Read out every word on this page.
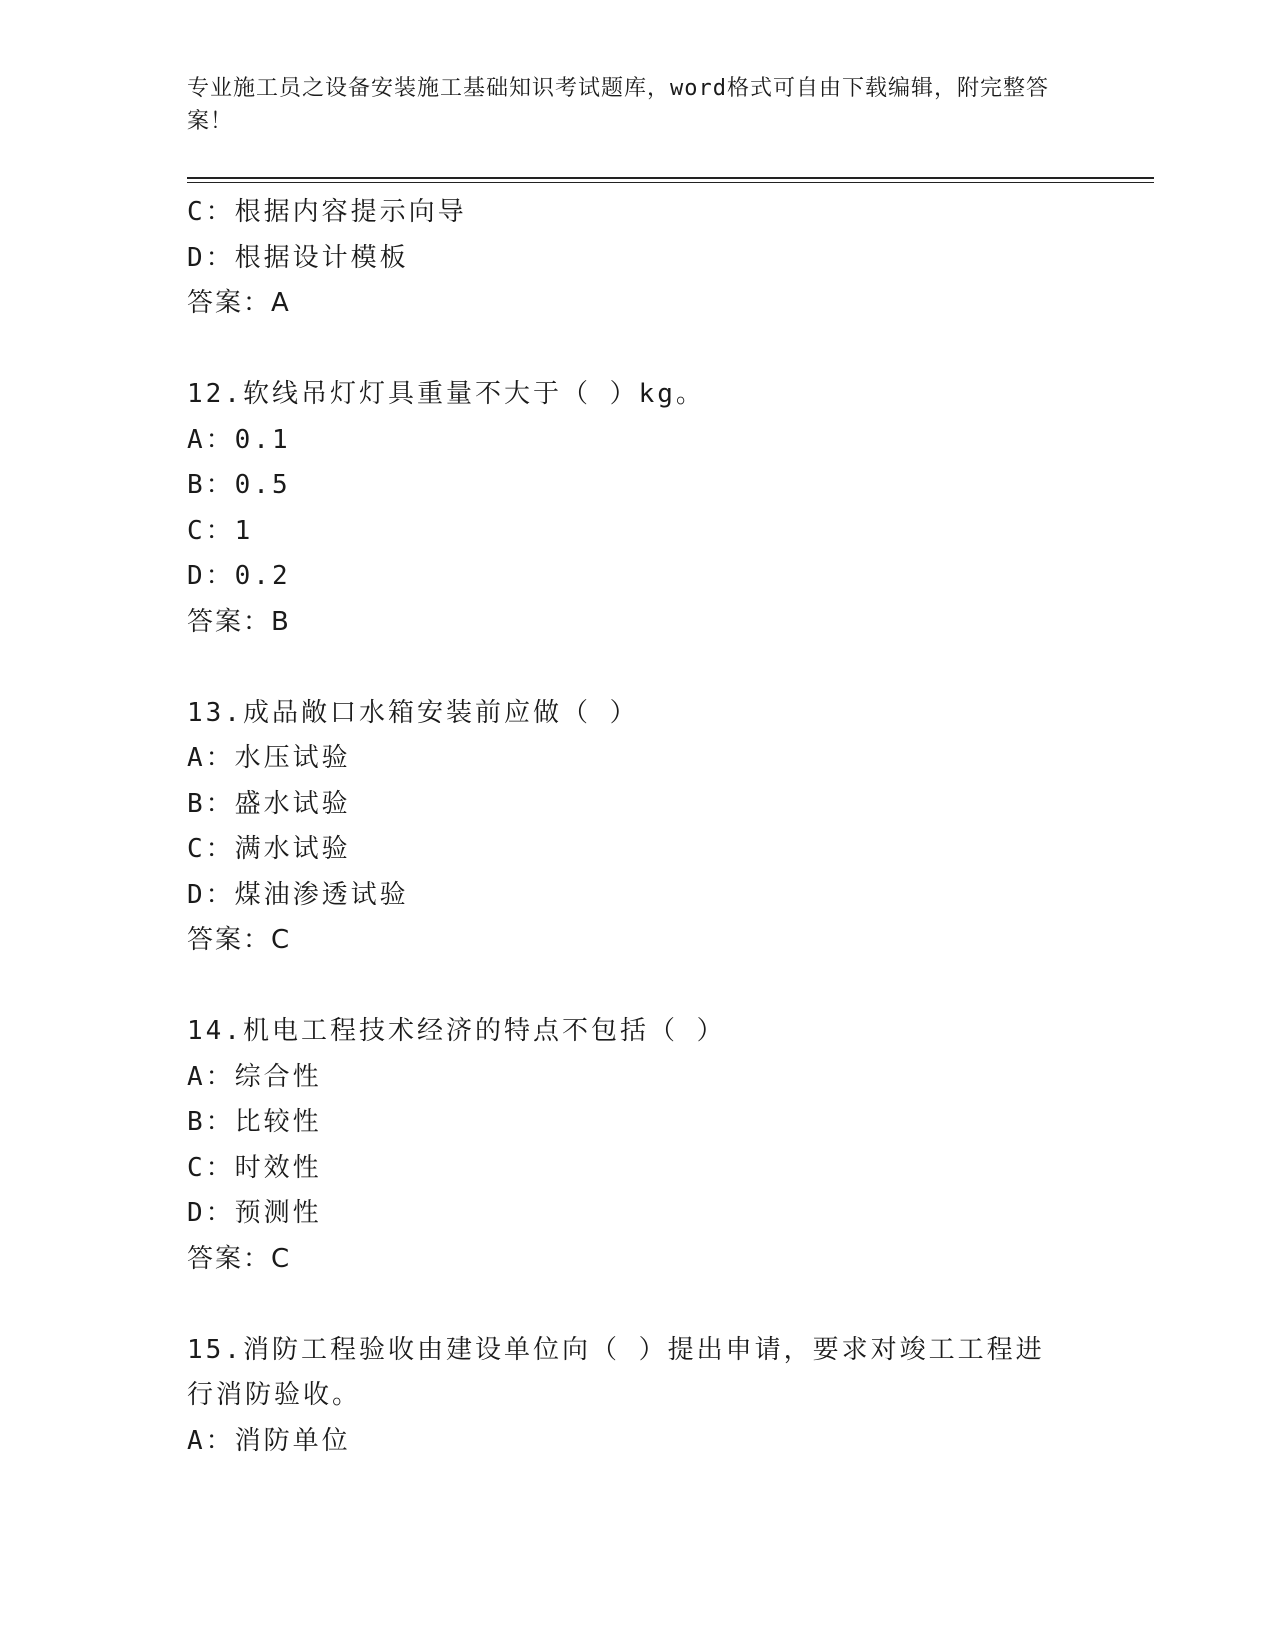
专业施工员之设备安装施工基础知识考试题库，word格式可自由下载编辑，附完整答案！
C：根据内容提示向导
D：根据设计模板
答案：A
12.软线吊灯灯具重量不大于（ ）kg。
A：0.1
B：0.5
C：1
D：0.2
答案：B
13.成品敞口水箱安装前应做（ ）
A：水压试验
B：盛水试验
C：满水试验
D：煤油渗透试验
答案：C
14.机电工程技术经济的特点不包括（ ）
A：综合性
B：比较性
C：时效性
D：预测性
答案：C
15.消防工程验收由建设单位向（ ）提出申请，要求对竣工工程进行消防验收。
A：消防单位
